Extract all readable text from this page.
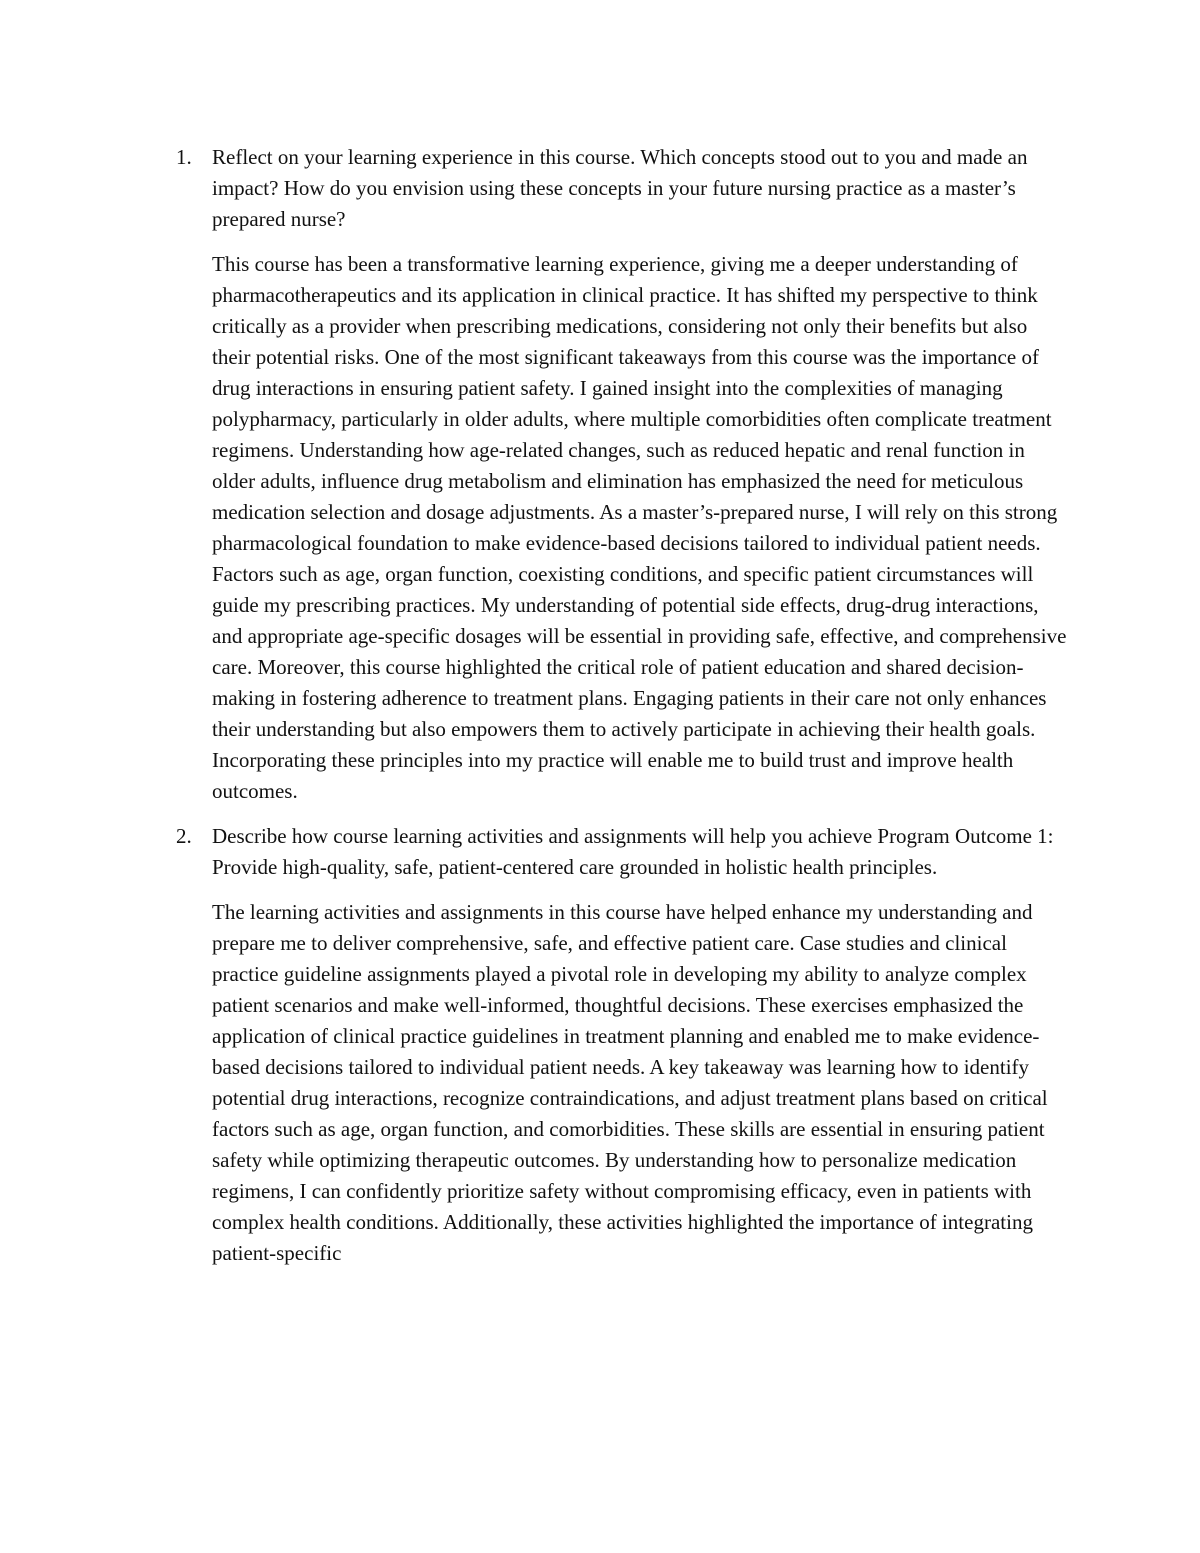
1. Reflect on your learning experience in this course. Which concepts stood out to you and made an impact? How do you envision using these concepts in your future nursing practice as a master’s prepared nurse?

This course has been a transformative learning experience, giving me a deeper understanding of pharmacotherapeutics and its application in clinical practice. It has shifted my perspective to think critically as a provider when prescribing medications, considering not only their benefits but also their potential risks. One of the most significant takeaways from this course was the importance of drug interactions in ensuring patient safety. I gained insight into the complexities of managing polypharmacy, particularly in older adults, where multiple comorbidities often complicate treatment regimens. Understanding how age-related changes, such as reduced hepatic and renal function in older adults, influence drug metabolism and elimination has emphasized the need for meticulous medication selection and dosage adjustments. As a master’s-prepared nurse, I will rely on this strong pharmacological foundation to make evidence-based decisions tailored to individual patient needs. Factors such as age, organ function, coexisting conditions, and specific patient circumstances will guide my prescribing practices. My understanding of potential side effects, drug-drug interactions, and appropriate age-specific dosages will be essential in providing safe, effective, and comprehensive care. Moreover, this course highlighted the critical role of patient education and shared decision-making in fostering adherence to treatment plans. Engaging patients in their care not only enhances their understanding but also empowers them to actively participate in achieving their health goals. Incorporating these principles into my practice will enable me to build trust and improve health outcomes.

2. Describe how course learning activities and assignments will help you achieve Program Outcome 1: Provide high-quality, safe, patient-centered care grounded in holistic health principles.

The learning activities and assignments in this course have helped enhance my understanding and prepare me to deliver comprehensive, safe, and effective patient care. Case studies and clinical practice guideline assignments played a pivotal role in developing my ability to analyze complex patient scenarios and make well-informed, thoughtful decisions. These exercises emphasized the application of clinical practice guidelines in treatment planning and enabled me to make evidence-based decisions tailored to individual patient needs. A key takeaway was learning how to identify potential drug interactions, recognize contraindications, and adjust treatment plans based on critical factors such as age, organ function, and comorbidities. These skills are essential in ensuring patient safety while optimizing therapeutic outcomes. By understanding how to personalize medication regimens, I can confidently prioritize safety without compromising efficacy, even in patients with complex health conditions. Additionally, these activities highlighted the importance of integrating patient-specific
